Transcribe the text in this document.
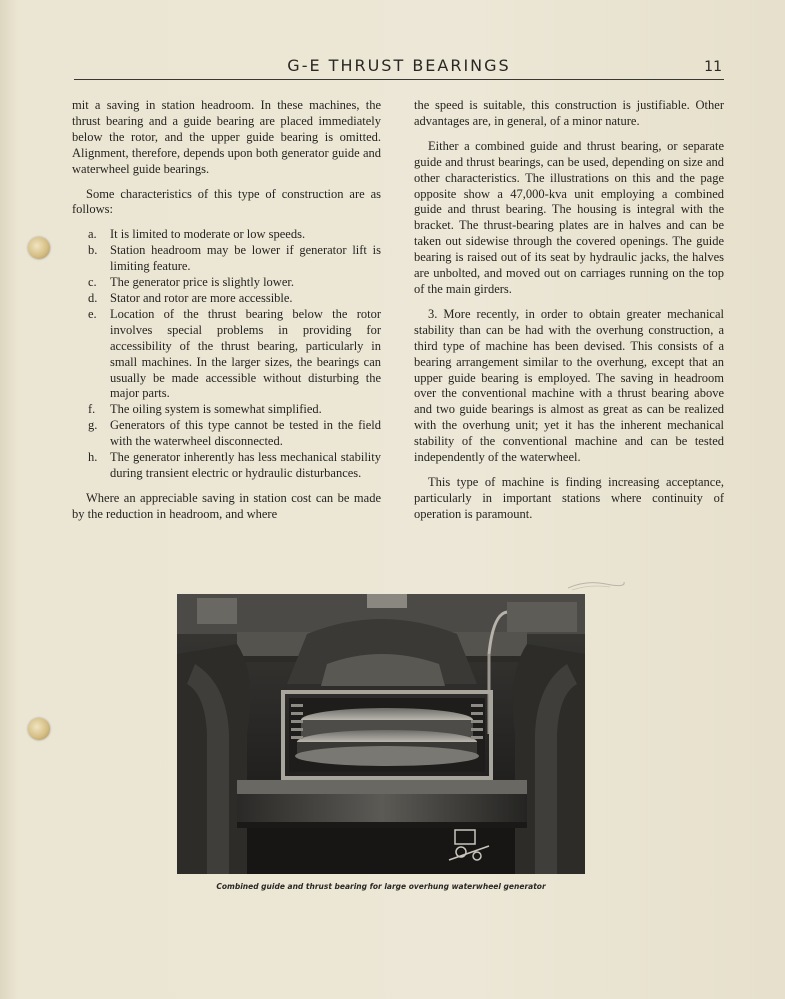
G-E THRUST BEARINGS	11

mit a saving in station headroom. In these machines, the thrust bearing and a guide bearing are placed immediately below the rotor, and the upper guide bearing is omitted. Alignment, therefore, depends upon both generator guide and waterwheel guide bearings.

Some characteristics of this type of construction are as follows:

a. It is limited to moderate or low speeds.
b. Station headroom may be lower if generator lift is limiting feature.
c. The generator price is slightly lower.
d. Stator and rotor are more accessible.
e. Location of the thrust bearing below the rotor involves special problems in providing for accessibility of the thrust bearing, particularly in small machines. In the larger sizes, the bearings can usually be made accessible without disturbing the major parts.
f. The oiling system is somewhat simplified.
g. Generators of this type cannot be tested in the field with the waterwheel disconnected.
h. The generator inherently has less mechanical stability during transient electric or hydraulic disturbances.

Where an appreciable saving in station cost can be made by the reduction in headroom, and where

the speed is suitable, this construction is justifiable. Other advantages are, in general, of a minor nature.

Either a combined guide and thrust bearing, or separate guide and thrust bearings, can be used, depending on size and other characteristics. The illustrations on this and the page opposite show a 47,000-kva unit employing a combined guide and thrust bearing. The housing is integral with the bracket. The thrust-bearing plates are in halves and can be taken out sidewise through the covered openings. The guide bearing is raised out of its seat by hydraulic jacks, the halves are unbolted, and moved out on carriages running on the top of the main girders.

3. More recently, in order to obtain greater mechanical stability than can be had with the overhung construction, a third type of machine has been devised. This consists of a bearing arrangement similar to the overhung, except that an upper guide bearing is employed. The saving in headroom over the conventional machine with a thrust bearing above and two guide bearings is almost as great as can be realized with the overhung unit; yet it has the inherent mechanical stability of the conventional machine and can be tested independently of the waterwheel.

This type of machine is finding increasing acceptance, particularly in important stations where continuity of operation is paramount.

Combined guide and thrust bearing for large overhung waterwheel generator
